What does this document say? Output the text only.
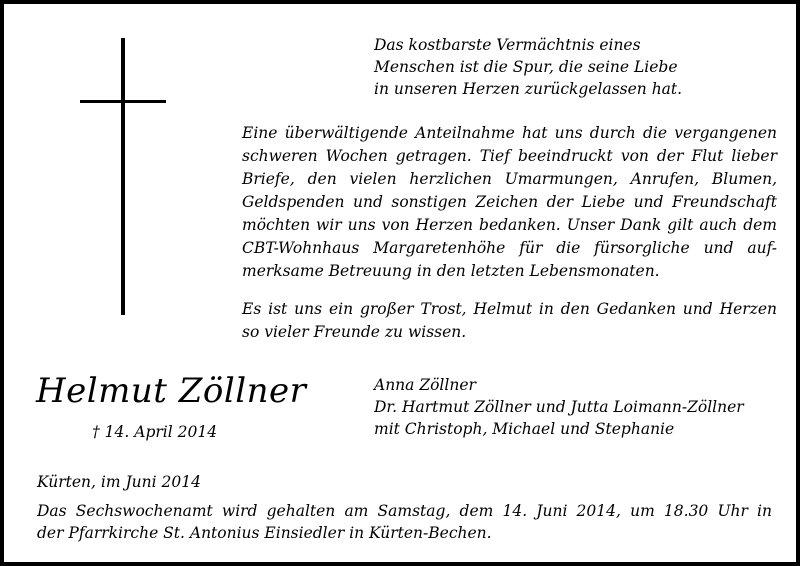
Das kostbarste Vermächtnis eines
Menschen ist die Spur, die seine Liebe
in unseren Herzen zurückgelassen hat.

Eine überwältigende Anteilnahme hat uns durch die vergangenen
schweren Wochen getragen. Tief beeindruckt von der Flut lieber
Briefe, den vielen herzlichen Umarmungen, Anrufen, Blumen,
Geldspenden und sonstigen Zeichen der Liebe und Freundschaft
möchten wir uns von Herzen bedanken. Unser Dank gilt auch dem
CBT-Wohnhaus Margaretenhöhe für die fürsorgliche und auf-
merksame Betreuung in den letzten Lebensmonaten.

Es ist uns ein großer Trost, Helmut in den Gedanken und Herzen
so vieler Freunde zu wissen.

Helmut Zöllner

† 14. April 2014

Anna Zöllner
Dr. Hartmut Zöllner und Jutta Loimann-Zöllner
mit Christoph, Michael und Stephanie

Kürten, im Juni 2014

Das Sechswochenamt wird gehalten am Samstag, dem 14. Juni 2014, um 18.30 Uhr in
der Pfarrkirche St. Antonius Einsiedler in Kürten-Bechen.
